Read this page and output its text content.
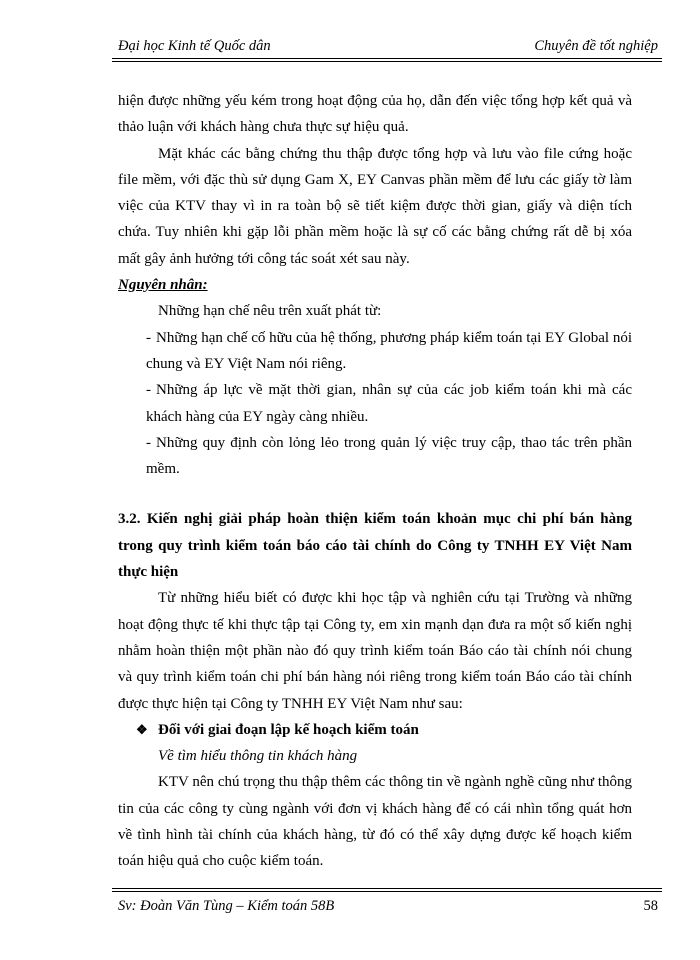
Đại học Kinh tế Quốc dân	Chuyên đề tốt nghiệp

hiện được những yếu kém trong hoạt động của họ, dẫn đến việc tổng hợp kết quả và thảo luận với khách hàng chưa thực sự hiệu quả.

Mặt khác các bằng chứng thu thập được tổng hợp và lưu vào file cứng hoặc file mềm, với đặc thù sử dụng Gam X, EY Canvas phần mềm để lưu các giấy tờ làm việc của KTV thay vì in ra toàn bộ sẽ tiết kiệm được thời gian, giấy và diện tích chứa. Tuy nhiên khi gặp lỗi phần mềm hoặc là sự cố các bằng chứng rất dễ bị xóa mất gây ảnh hưởng tới công tác soát xét sau này.

Nguyên nhân:

Những hạn chế nêu trên xuất phát từ:

- Những hạn chế cố hữu của hệ thống, phương pháp kiểm toán tại EY Global nói chung và EY Việt Nam nói riêng.

- Những áp lực về mặt thời gian, nhân sự của các job kiểm toán khi mà các khách hàng của EY ngày càng nhiều.

- Những quy định còn lỏng lẻo trong quản lý việc truy cập, thao tác trên phần mềm.

3.2. Kiến nghị giải pháp hoàn thiện kiểm toán khoản mục chi phí bán hàng trong quy trình kiểm toán báo cáo tài chính do Công ty TNHH EY Việt Nam thực hiện

Từ những hiểu biết có được khi học tập và nghiên cứu tại Trường và những hoạt động thực tế khi thực tập tại Công ty, em xin mạnh dạn đưa ra một số kiến nghị nhằm hoàn thiện một phần nào đó quy trình kiểm toán Báo cáo tài chính nói chung và quy trình kiểm toán chi phí bán hàng nói riêng trong kiểm toán Báo cáo tài chính được thực hiện tại Công ty TNHH EY Việt Nam như sau:

❖ Đối với giai đoạn lập kế hoạch kiểm toán

Về tìm hiểu thông tin khách hàng

KTV nên chú trọng thu thập thêm các thông tin về ngành nghề cũng như thông tin của các công ty cùng ngành với đơn vị khách hàng để có cái nhìn tổng quát hơn về tình hình tài chính của khách hàng, từ đó có thể xây dựng được kế hoạch kiểm toán hiệu quả cho cuộc kiểm toán.

Sv: Đoàn Văn Tùng – Kiểm toán 58B	58
